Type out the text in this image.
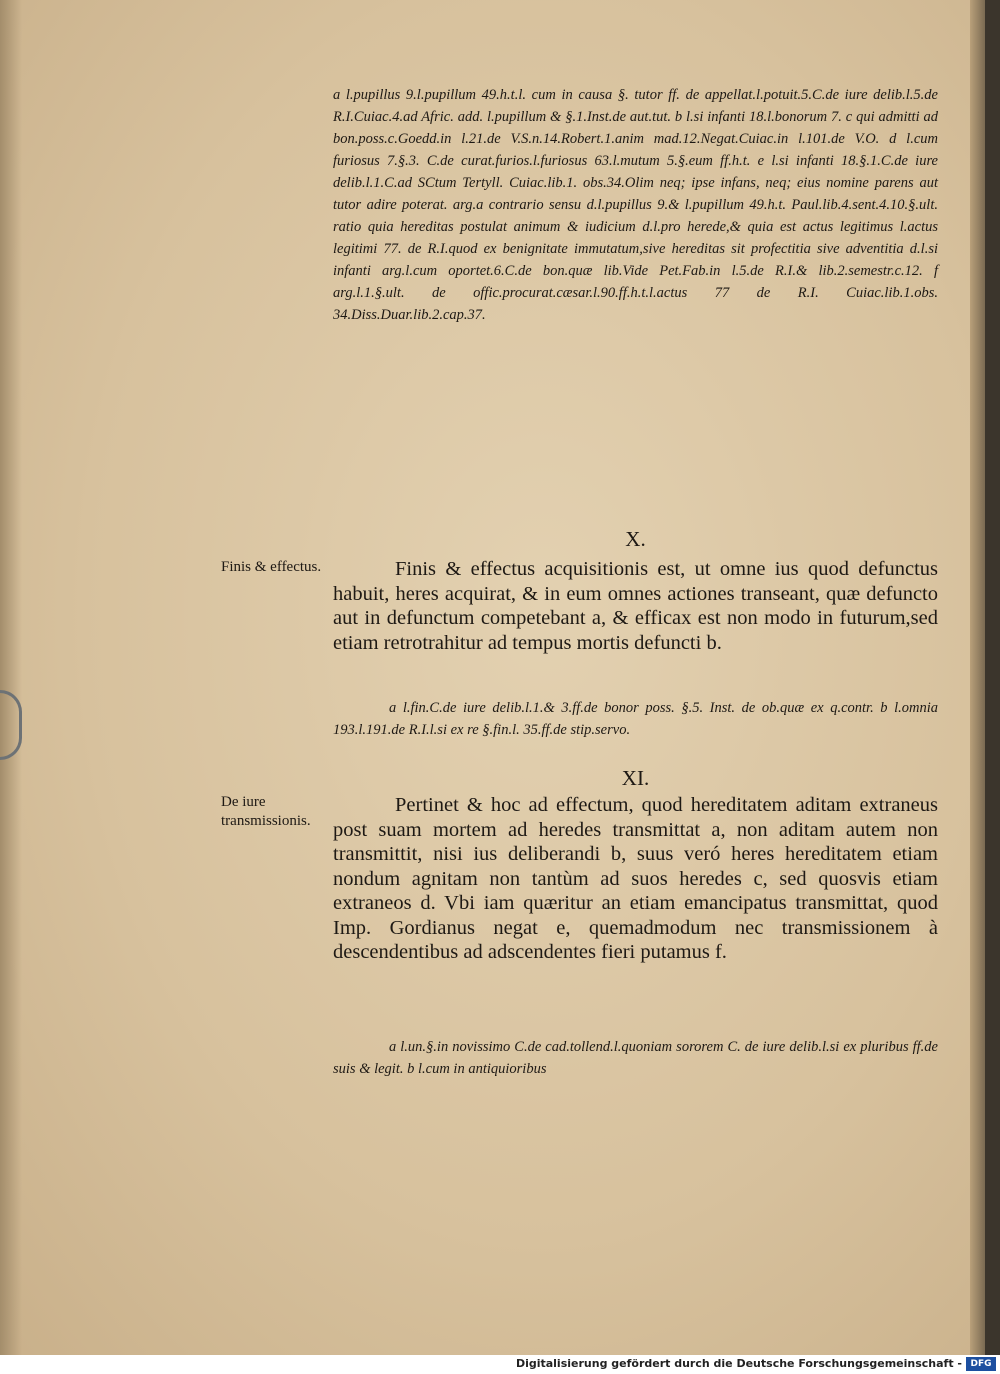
a l.pupillus 9.l.pupillum 49.h.t.l. cum in causa §. tutor ff. de appellat.l.potuit.5.C.de iure delib.l.5.de R.I.Cuiac.4.ad Afric. add. l.pupillum & §.1.Inst.de aut.tut. b l.si infanti 18.l.bonorum 7. c qui admitti ad bon.poss.c.Goedd.in l.21.de V.S.n.14.Robert.1.anim mad.12.Negat.Cuiac.in l.101.de V.O. d l.cum furiosus 7.§.3. C.de curat.furios.l.furiosus 63.l.mutum 5.§.eum ff.h.t. e l.si infanti 18.§.1.C.de iure delib.l.1.C.ad SCtum Tertyll. Cuiac.lib.1. obs.34.Olim neq; ipse infans, neq; eius nomine parens aut tutor adire poterat. arg.a contrario sensu d.l.pupillus 9.& l.pupillum 49.h.t. Paul.lib.4.sent.4.10.§.ult. ratio quia hereditas postulat animum & iudicium d.l.pro herede,& quia est actus legitimus l.actus legitimi 77. de R.I.quod ex benignitate immutatum,sive hereditas sit profectitia sive adventitia d.l.si infanti arg.l.cum oportet.6.C.de bon.quæ lib.Vide Pet.Fab.in l.5.de R.I.& lib.2.semestr.c.12. f arg.l.1.§.ult. de offic.procurat.cæsar.l.90.ff.h.t.l.actus 77 de R.I. Cuiac.lib.1.obs. 34.Diss.Duar.lib.2.cap.37.

X.

Finis & effectus.	Finis & effectus acquisitionis est, ut omne ius quod defunctus habuit, heres acquirat, & in eum omnes actiones transeant, quæ defuncto aut in defunctum competebant a, & efficax est non modo in futurum,sed etiam retrotrahitur ad tempus mortis defuncti b.

a l.fin.C.de iure delib.l.1.& 3.ff.de bonor poss. §.5. Inst. de ob.quæ ex q.contr. b l.omnia 193.l.191.de R.I.l.si ex re §.fin.l. 35.ff.de stip.servo.

XI.

De iure transmissionis.

Pertinet & hoc ad effectum, quod hereditatem aditam extraneus post suam mortem ad heredes transmittat a, non aditam autem non transmittit, nisi ius deliberandi b, suus veró heres hereditatem etiam nondum agnitam non tantùm ad suos heredes c, sed quosvis etiam extraneos d. Vbi iam quæritur an etiam emancipatus transmittat, quod Imp. Gordianus negat e, quemadmodum nec transmissionem à descendentibus ad adscendentes fieri putamus f.

a l.un.§.in novissimo C.de cad.tollend.l.quoniam sororem C. de iure delib.l.si ex pluribus ff.de suis & legit. b l.cum in antiquioribus

Digitalisierung gefördert durch die Deutsche Forschungsgemeinschaft - DFG
